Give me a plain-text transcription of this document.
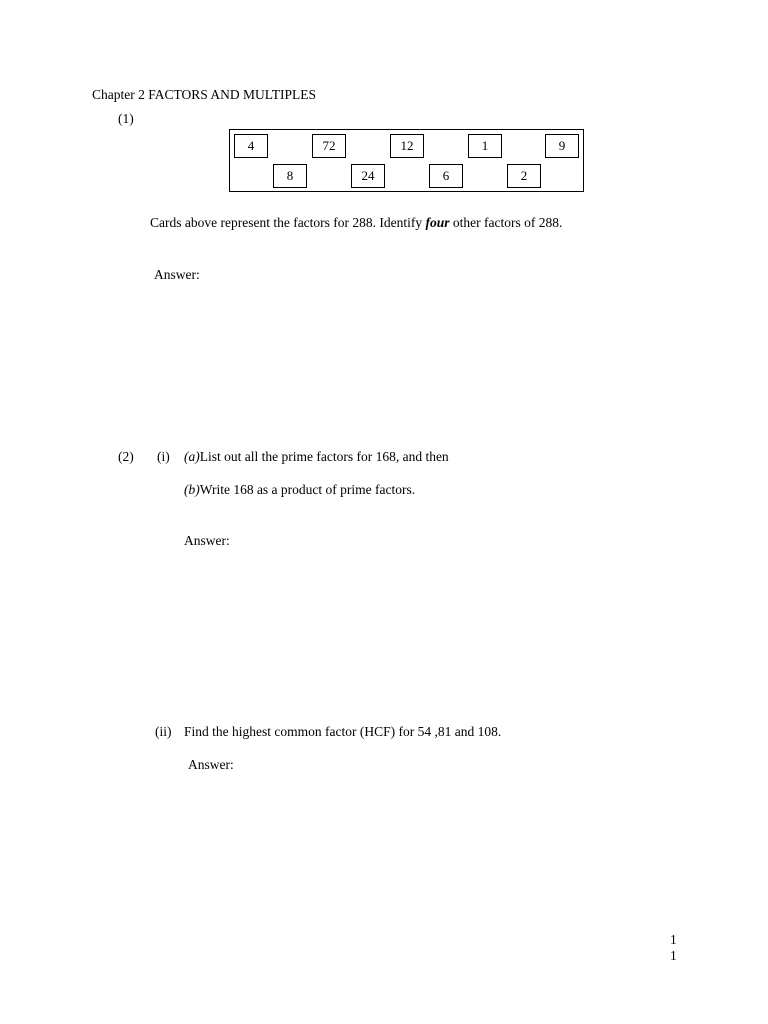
Chapter 2 FACTORS AND MULTIPLES
(1)
4	72	12	1	9
8	24	6	2
Cards above represent the factors for 288. Identify four other factors of 288.
Answer:
(2) (i) (a)List out all the prime factors for 168, and then
(b)Write 168 as a product of prime factors.
Answer:
(ii) Find the highest common factor (HCF) for 54 ,81 and 108.
Answer:
1
1
